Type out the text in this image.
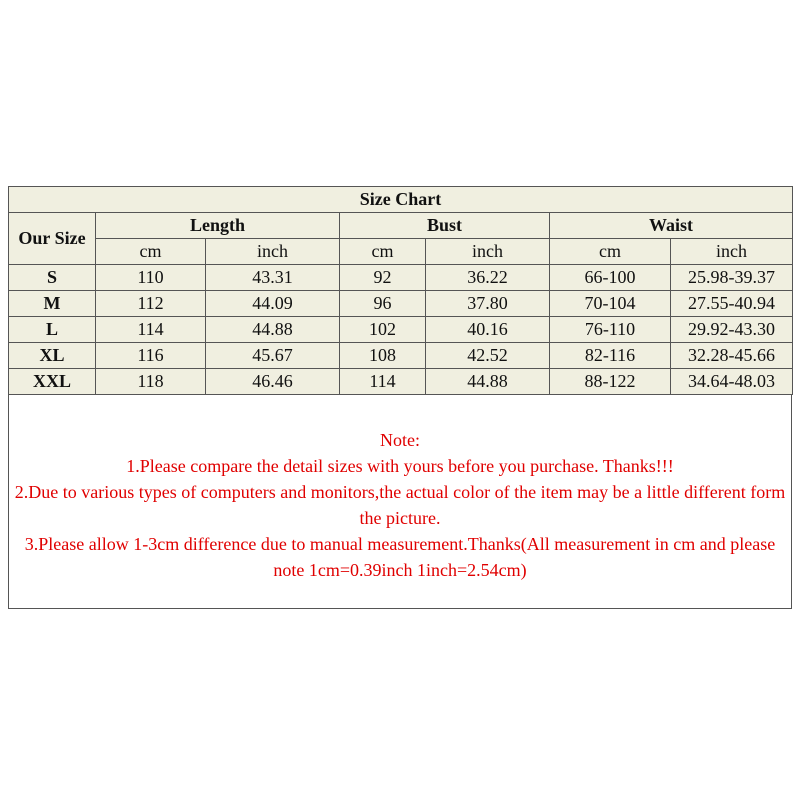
Size Chart						
Our Size	Length		Bust		Waist	
	cm	inch	cm	inch	cm	inch
S	110	43.31	92	36.22	66-100	25.98-39.37
M	112	44.09	96	37.80	70-104	27.55-40.94
L	114	44.88	102	40.16	76-110	29.92-43.30
XL	116	45.67	108	42.52	82-116	32.28-45.66
XXL	118	46.46	114	44.88	88-122	34.64-48.03
Note:
1.Please compare the detail sizes with yours before you purchase. Thanks!!!
2.Due to various types of computers and monitors,the actual color of the item may be a little different form the picture.
3.Please allow 1-3cm difference due to manual measurement.Thanks(All measurement in cm and please note 1cm=0.39inch 1inch=2.54cm)
